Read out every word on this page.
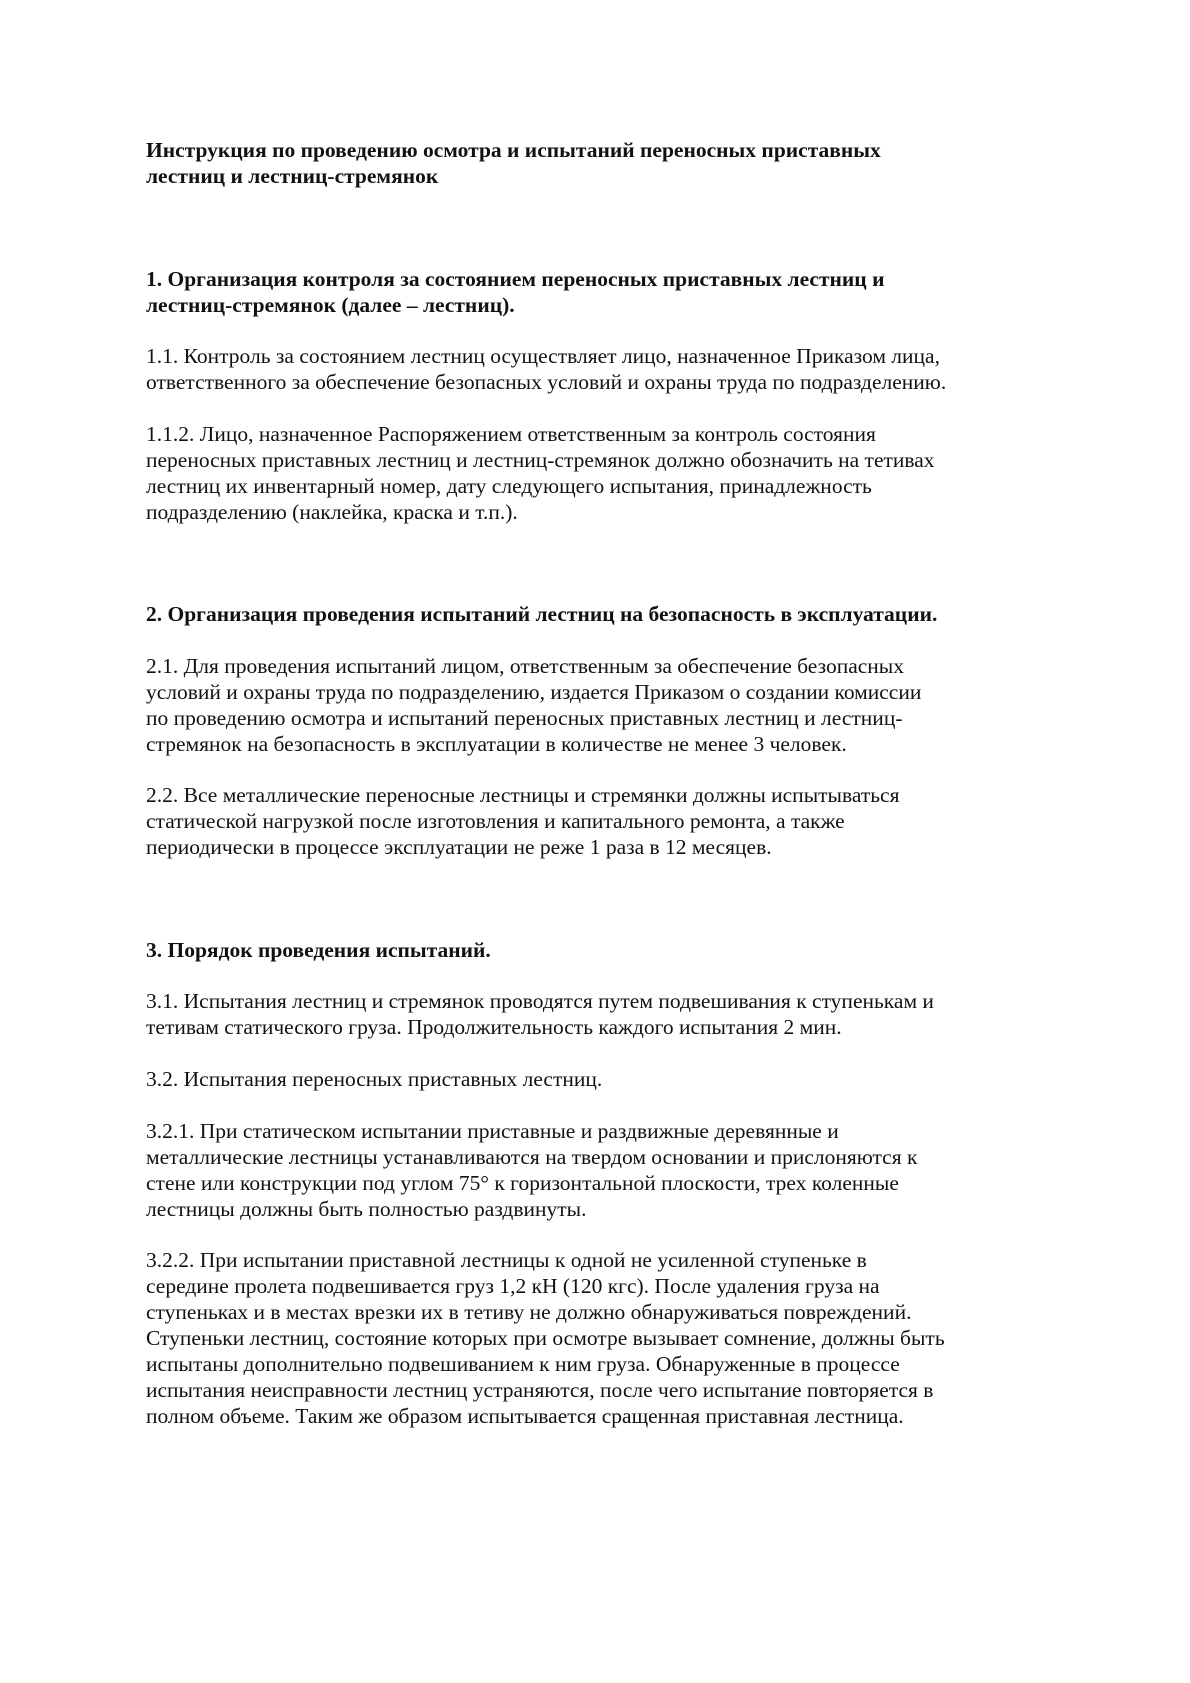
Инструкция по проведению осмотра и испытаний переносных приставных
лестниц и лестниц-стремянок
1. Организация контроля за состоянием переносных приставных лестниц и
лестниц-стремянок (далее – лестниц).
1.1. Контроль за состоянием лестниц осуществляет лицо, назначенное Приказом лица,
ответственного за обеспечение безопасных условий и охраны труда по подразделению.
1.1.2. Лицо, назначенное Распоряжением ответственным за контроль состояния
переносных приставных лестниц и лестниц-стремянок должно обозначить на тетивах
лестниц их инвентарный номер, дату следующего испытания, принадлежность
подразделению (наклейка, краска и т.п.).
2. Организация проведения испытаний лестниц на безопасность в эксплуатации.
2.1. Для проведения испытаний лицом, ответственным за обеспечение безопасных
условий и охраны труда по подразделению, издается Приказом о создании комиссии
по проведению осмотра и испытаний переносных приставных лестниц и лестниц-
стремянок на безопасность в эксплуатации в количестве не менее 3 человек.
2.2. Все металлические переносные лестницы и стремянки должны испытываться
статической нагрузкой после изготовления и капитального ремонта, а также
периодически в процессе эксплуатации не реже 1 раза в 12 месяцев.
3. Порядок проведения испытаний.
3.1. Испытания лестниц и стремянок проводятся путем подвешивания к ступенькам и
тетивам статического груза. Продолжительность каждого испытания 2 мин.
3.2. Испытания переносных приставных лестниц.
3.2.1. При статическом испытании приставные и раздвижные деревянные и
металлические лестницы устанавливаются на твердом основании и прислоняются к
стене или конструкции под углом 75° к горизонтальной плоскости, трех коленные
лестницы должны быть полностью раздвинуты.
3.2.2. При испытании приставной лестницы к одной не усиленной ступеньке в
середине пролета подвешивается груз 1,2 кН (120 кгс). После удаления груза на
ступеньках и в местах врезки их в тетиву не должно обнаруживаться повреждений.
Ступеньки лестниц, состояние которых при осмотре вызывает сомнение, должны быть
испытаны дополнительно подвешиванием к ним груза. Обнаруженные в процессе
испытания неисправности лестниц устраняются, после чего испытание повторяется в
полном объеме. Таким же образом испытывается сращенная приставная лестница.
